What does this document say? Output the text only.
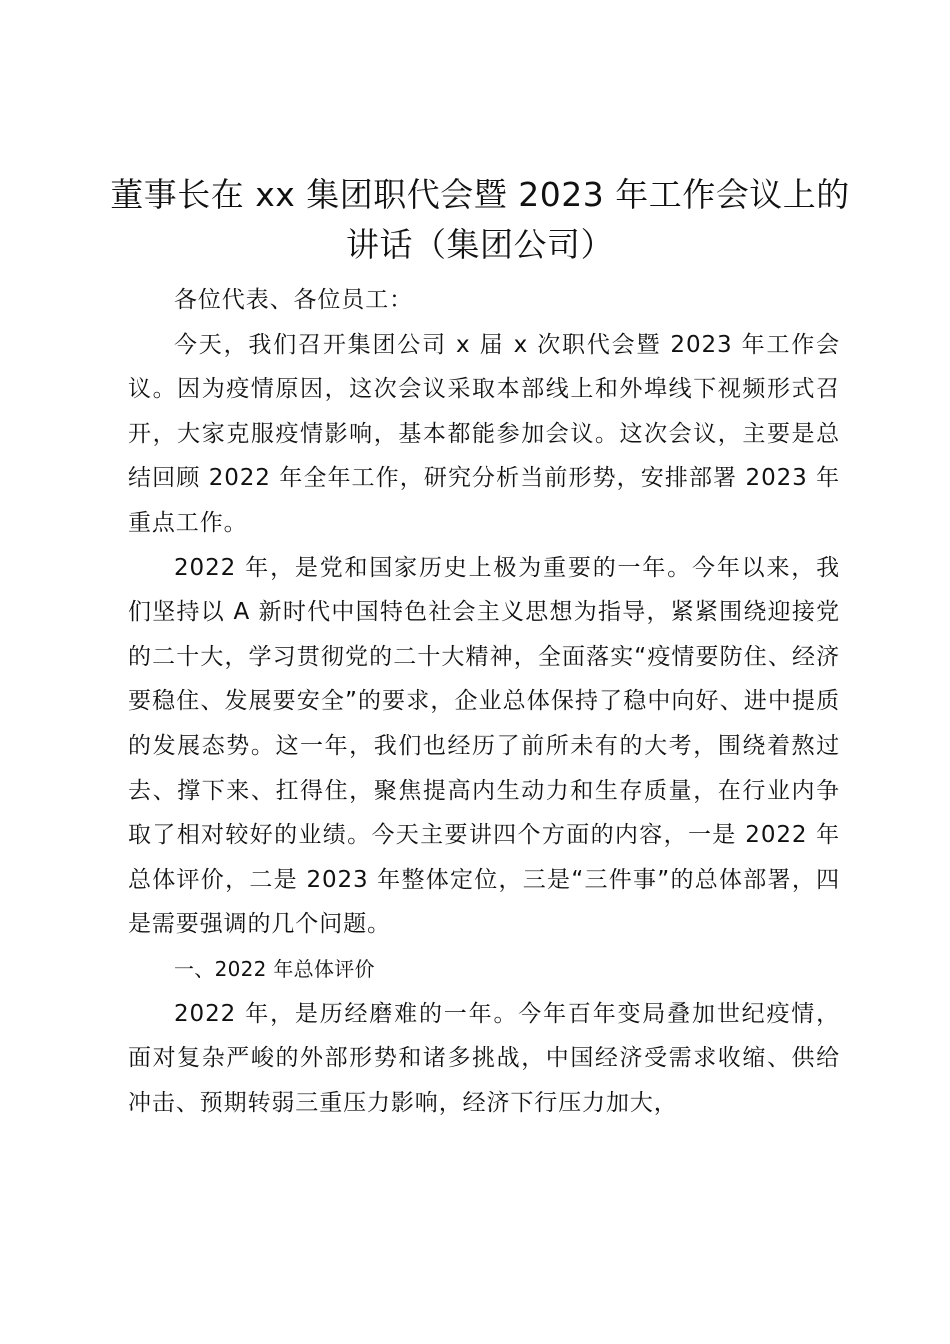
董事长在 xx 集团职代会暨 2023 年工作会议上的讲话（集团公司）

各位代表、各位员工：

今天，我们召开集团公司 x 届 x 次职代会暨 2023 年工作会议。因为疫情原因，这次会议采取本部线上和外埠线下视频形式召开，大家克服疫情影响，基本都能参加会议。这次会议，主要是总结回顾 2022 年全年工作，研究分析当前形势，安排部署 2023 年重点工作。

2022 年，是党和国家历史上极为重要的一年。今年以来，我们坚持以 A 新时代中国特色社会主义思想为指导，紧紧围绕迎接党的二十大，学习贯彻党的二十大精神，全面落实“疫情要防住、经济要稳住、发展要安全”的要求，企业总体保持了稳中向好、进中提质的发展态势。这一年，我们也经历了前所未有的大考，围绕着熬过去、撑下来、扛得住，聚焦提高内生动力和生存质量，在行业内争取了相对较好的业绩。今天主要讲四个方面的内容，一是 2022 年总体评价，二是 2023 年整体定位，三是“三件事”的总体部署，四是需要强调的几个问题。

一、2022 年总体评价

2022 年，是历经磨难的一年。今年百年变局叠加世纪疫情，面对复杂严峻的外部形势和诸多挑战，中国经济受需求收缩、供给冲击、预期转弱三重压力影响，经济下行压力加大，
